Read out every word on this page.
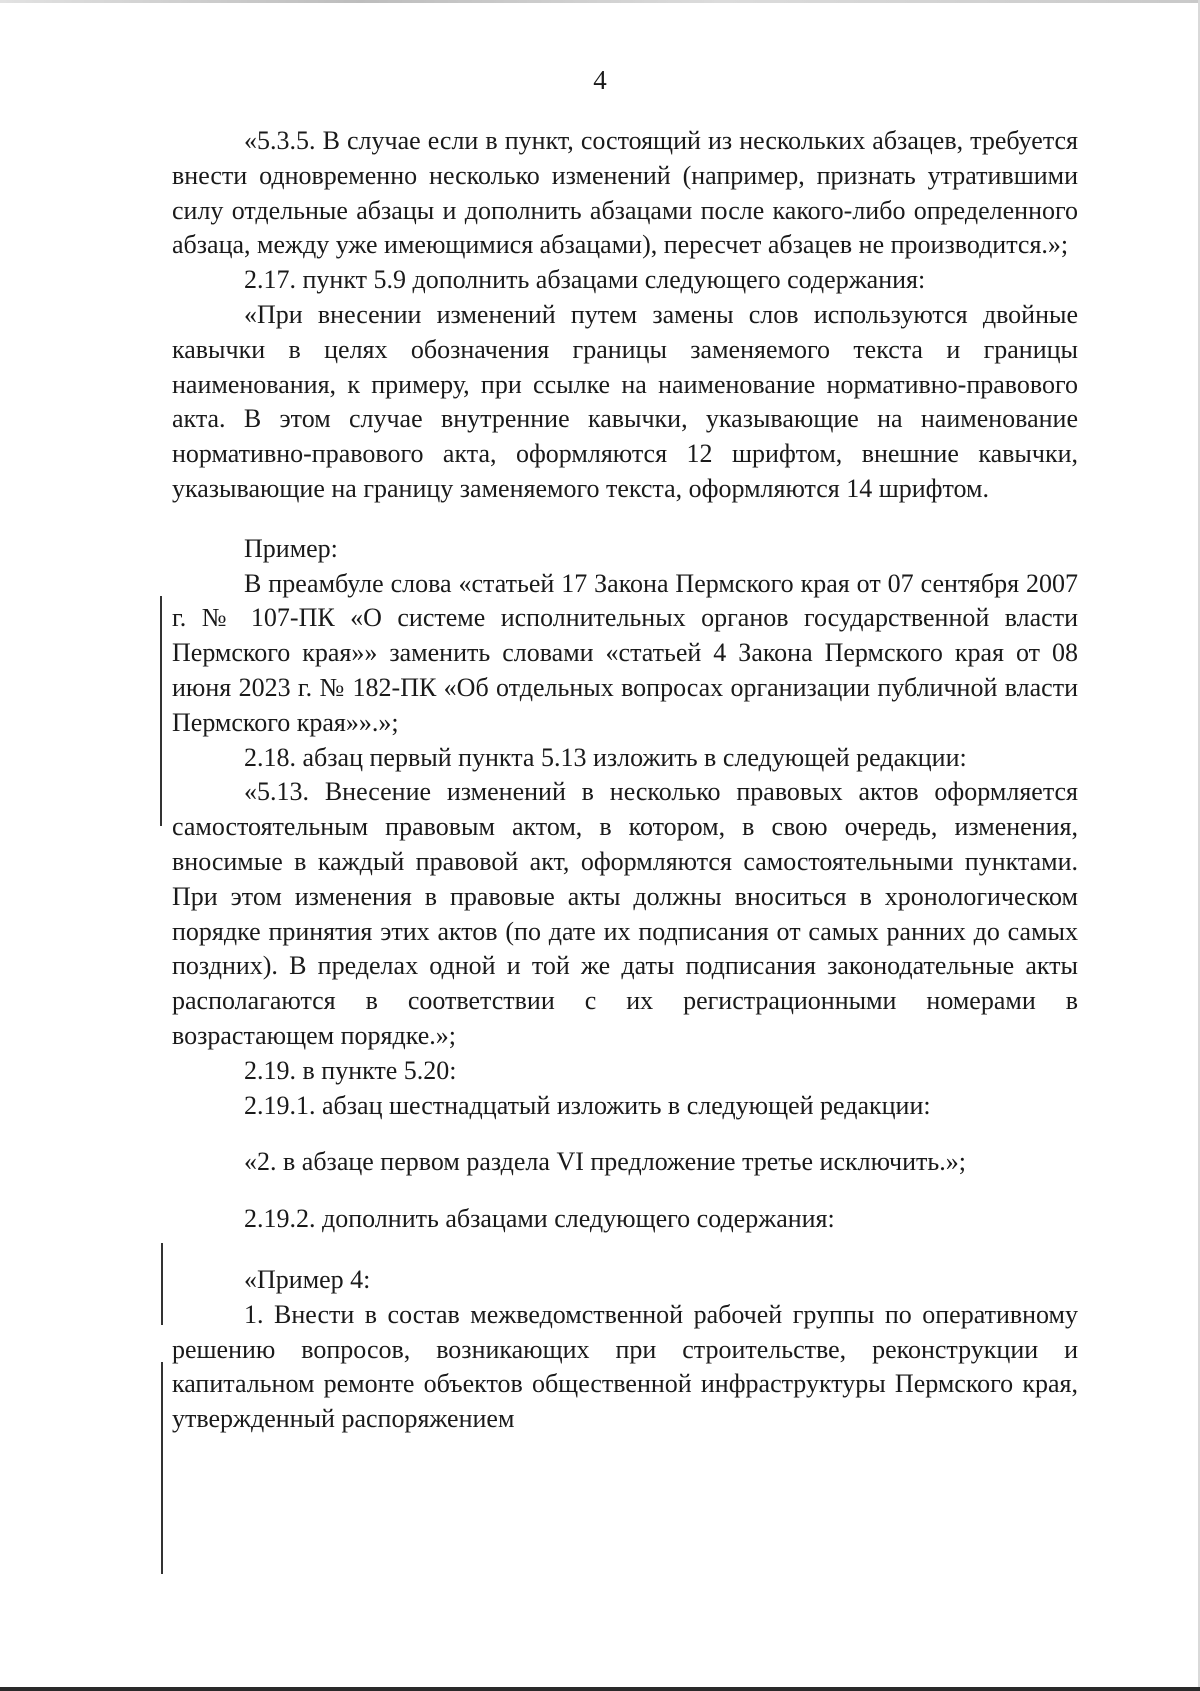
4

«5.3.5. В случае если в пункт, состоящий из нескольких абзацев, требуется внести одновременно несколько изменений (например, признать утратившими силу отдельные абзацы и дополнить абзацами после какого-либо определенного абзаца, между уже имеющимися абзацами), пересчет абзацев не производится.»;

2.17. пункт 5.9 дополнить абзацами следующего содержания:

«При внесении изменений путем замены слов используются двойные кавычки в целях обозначения границы заменяемого текста и границы наименования, к примеру, при ссылке на наименование нормативно-правового акта. В этом случае внутренние кавычки, указывающие на наименование нормативно-правового акта, оформляются 12 шрифтом, внешние кавычки, указывающие на границу заменяемого текста, оформляются 14 шрифтом.

Пример:

В преамбуле слова «статьей 17 Закона Пермского края от 07 сентября 2007 г. № 107-ПК «О системе исполнительных органов государственной власти Пермского края»» заменить словами «статьей 4 Закона Пермского края от 08 июня 2023 г. № 182-ПК «Об отдельных вопросах организации публичной власти Пермского края»».»;

2.18. абзац первый пункта 5.13 изложить в следующей редакции:

«5.13. Внесение изменений в несколько правовых актов оформляется самостоятельным правовым актом, в котором, в свою очередь, изменения, вносимые в каждый правовой акт, оформляются самостоятельными пунктами. При этом изменения в правовые акты должны вноситься в хронологическом порядке принятия этих актов (по дате их подписания от самых ранних до самых поздних). В пределах одной и той же даты подписания законодательные акты располагаются в соответствии с их регистрационными номерами в возрастающем порядке.»;

2.19. в пункте 5.20:

2.19.1. абзац шестнадцатый изложить в следующей редакции:

«2. в абзаце первом раздела VI предложение третье исключить.»;

2.19.2. дополнить абзацами следующего содержания:

«Пример 4:

1. Внести в состав межведомственной рабочей группы по оперативному решению вопросов, возникающих при строительстве, реконструкции и капитальном ремонте объектов общественной инфраструктуры Пермского края, утвержденный распоряжением
